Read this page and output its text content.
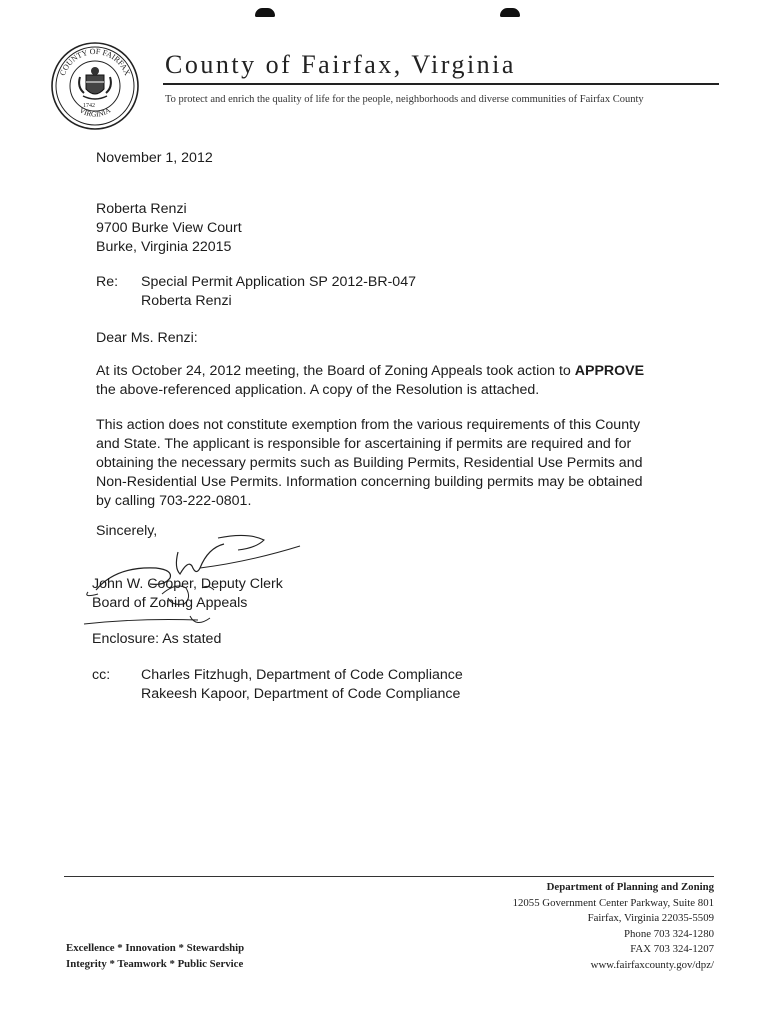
COUNTY OF FAIRFAX
VIRGINIA
1742
County of Fairfax, Virginia
To protect and enrich the quality of life for the people, neighborhoods and diverse communities of Fairfax County
November 1, 2012
Roberta Renzi
9700 Burke View Court
Burke, Virginia 22015
Re: Special Permit Application SP 2012-BR-047
Roberta Renzi
Dear Ms. Renzi:
At its October 24, 2012 meeting, the Board of Zoning Appeals took action to APPROVE
the above-referenced application. A copy of the Resolution is attached.
This action does not constitute exemption from the various requirements of this County
and State. The applicant is responsible for ascertaining if permits are required and for
obtaining the necessary permits such as Building Permits, Residential Use Permits and
Non-Residential Use Permits. Information concerning building permits may be obtained
by calling 703-222-0801.
Sincerely,
John W. Cooper, Deputy Clerk
Board of Zoning Appeals
Enclosure: As stated
cc: Charles Fitzhugh, Department of Code Compliance
Rakeesh Kapoor, Department of Code Compliance
Excellence * Innovation * Stewardship
Integrity * Teamwork * Public Service
Department of Planning and Zoning
12055 Government Center Parkway, Suite 801
Fairfax, Virginia 22035-5509
Phone 703 324-1280
FAX 703 324-1207
www.fairfaxcounty.gov/dpz/
